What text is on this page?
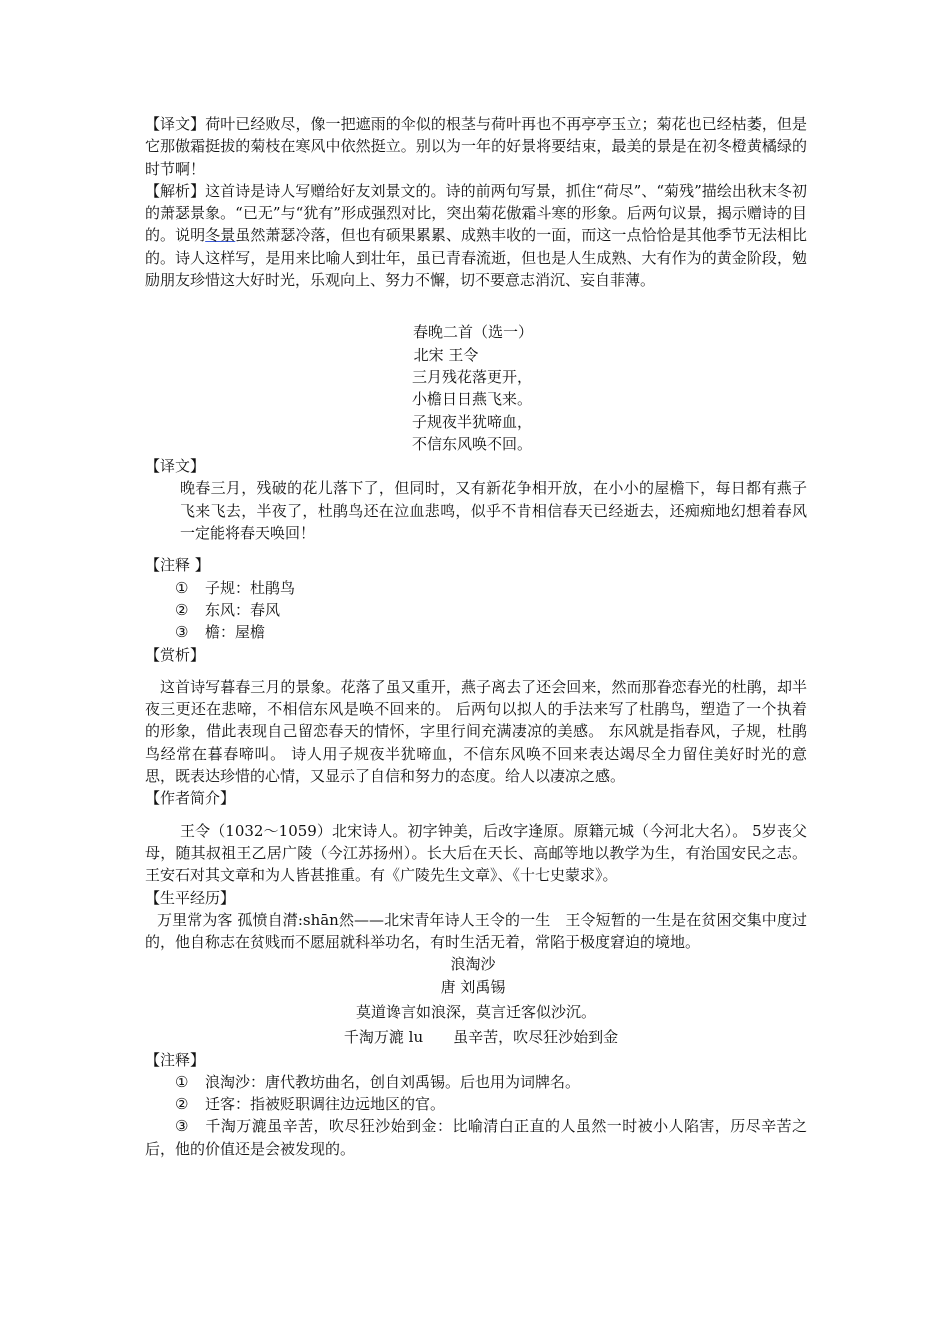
【译文】荷叶已经败尽，像一把遮雨的伞似的根茎与荷叶再也不再亭亭玉立；菊花也已经枯萎，但是它那傲霜挺拔的菊枝在寒风中依然挺立。别以为一年的好景将要结束，最美的景是在初冬橙黄橘绿的时节啊！

【解析】这首诗是诗人写赠给好友刘景文的。诗的前两句写景，抓住“荷尽”、“菊残”描绘出秋末冬初的萧瑟景象。“已无”与“犹有”形成强烈对比，突出菊花傲霜斗寒的形象。后两句议景，揭示赠诗的目的。说明冬景虽然萧瑟冷落，但也有硕果累累、成熟丰收的一面，而这一点恰恰是其他季节无法相比的。诗人这样写，是用来比喻人到壮年，虽已青春流逝，但也是人生成熟、大有作为的黄金阶段，勉励朋友珍惜这大好时光，乐观向上、努力不懈，切不要意志消沉、妄自菲薄。

春晚二首（选一）

北宋 王令

三月残花落更开，

小檐日日燕飞来。

子规夜半犹啼血，

不信东风唤不回。

【译文】

晚春三月，残破的花儿落下了，但同时，又有新花争相开放，在小小的屋檐下，每日都有燕子飞来飞去，半夜了，杜鹃鸟还在泣血悲鸣，似乎不肯相信春天已经逝去，还痴痴地幻想着春风一定能将春天唤回！

【注释 】

① 子规：杜鹃鸟

② 东风：春风

③ 檐：屋檐

【赏析】

这首诗写暮春三月的景象。花落了虽又重开，燕子离去了还会回来，然而那眷恋春光的杜鹃，却半夜三更还在悲啼，不相信东风是唤不回来的。 后两句以拟人的手法来写了杜鹃鸟，塑造了一个执着的形象，借此表现自己留恋春天的情怀，字里行间充满凄凉的美感。 东风就是指春风，子规，杜鹃鸟经常在暮春啼叫。 诗人用子规夜半犹啼血，不信东风唤不回来表达竭尽全力留住美好时光的意思，既表达珍惜的心情，又显示了自信和努力的态度。给人以凄凉之感。

【作者简介】

王令（1032～1059）北宋诗人。初字钟美，后改字逢原。原籍元城（今河北大名）。 5岁丧父母，随其叔祖王乙居广陵（今江苏扬州）。长大后在天长、高邮等地以教学为生，有治国安民之志。王安石对其文章和为人皆甚推重。有《广陵先生文章》、《十七史蒙求》。

【生平经历】

万里常为客 孤愤自潸:shān然——北宋青年诗人王令的一生　王令短暂的一生是在贫困交集中度过的，他自称志在贫贱而不愿屈就科举功名，有时生活无着，常陷于极度窘迫的境地。

浪淘沙

唐 刘禹锡

莫道谗言如浪深，莫言迁客似沙沉。

千淘万漉 lu　　虽辛苦，吹尽狂沙始到金

【注释】

① 浪淘沙：唐代教坊曲名，创自刘禹锡。后也用为词牌名。

② 迁客：指被贬职调往边远地区的官。

③ 千淘万漉虽辛苦，吹尽狂沙始到金：比喻清白正直的人虽然一时被小人陷害，历尽辛苦之后，他的价值还是会被发现的。
